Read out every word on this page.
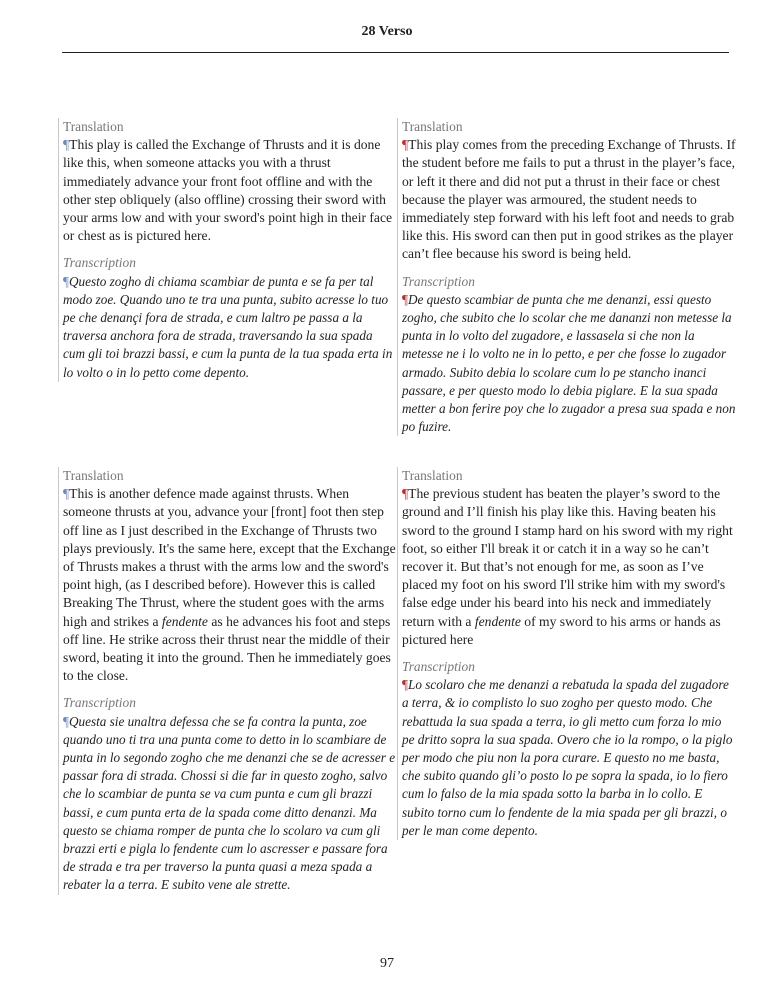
28 Verso
Translation
¶This play is called the Exchange of Thrusts and it is done like this, when someone attacks you with a thrust immediately advance your front foot offline and with the other step obliquely (also offline) crossing their sword with your arms low and with your sword's point high in their face or chest as is pictured here.
Transcription
¶Questo zogho di chiama scambiar de punta e se fa per tal modo zoe. Quando uno te tra una punta, subito acresse lo tuo pe che denançi fora de strada, e cum laltro pe passa a la traversa anchora fora de strada, traversando la sua spada cum gli toi brazzi bassi, e cum la punta de la tua spada erta in lo volto o in lo petto come depento.
Translation
¶This play comes from the preceding Exchange of Thrusts. If the student before me fails to put a thrust in the player’s face, or left it there and did not put a thrust in their face or chest because the player was armoured, the student needs to immediately step forward with his left foot and needs to grab like this. His sword can then put in good strikes as the player can’t flee because his sword is being held.
Transcription
¶De questo scambiar de punta che me denanzi, essi questo zogho, che subito che lo scolar che me dananzi non metesse la punta in lo volto del zugadore, e lassasela si che non la metesse ne i lo volto ne in lo petto, e per che fosse lo zugador armado. Subito debia lo scolare cum lo pe stancho inanci passare, e per questo modo lo debia piglare. E la sua spada metter a bon ferire poy che lo zugador a presa sua spada e non po fuzire.
Translation
¶This is another defence made against thrusts. When someone thrusts at you, advance your [front] foot then step off line as I just described in the Exchange of Thrusts two plays previously. It's the same here, except that the Exchange of Thrusts makes a thrust with the arms low and the sword's point high, (as I described before). However this is called Breaking The Thrust, where the student goes with the arms high and strikes a fendente as he advances his foot and steps off line. He strike across their thrust near the middle of their sword, beating it into the ground. Then he immediately goes to the close.
Transcription
¶Questa sie unaltra defessa che se fa contra la punta, zoe quando uno ti tra una punta come to detto in lo scambiare de punta in lo segondo zogho che me denanzi che se de acresser e passar fora di strada. Chossi si die far in questo zogho, salvo che lo scambiar de punta se va cum punta e cum gli brazzi bassi, e cum punta erta de la spada come ditto denanzi. Ma questo se chiama romper de punta che lo scolaro va cum gli brazzi erti e pigla lo fendente cum lo ascresser e passare fora de strada e tra per traverso la punta quasi a meza spada a rebater la a terra. E subito vene ale strette.
Translation
¶The previous student has beaten the player’s sword to the ground and I’ll finish his play like this. Having beaten his sword to the ground I stamp hard on his sword with my right foot, so either I'll break it or catch it in a way so he can’t recover it. But that’s not enough for me, as soon as I’ve placed my foot on his sword I'll strike him with my sword's false edge under his beard into his neck and immediately return with a fendente of my sword to his arms or hands as pictured here
Transcription
¶Lo scolaro che me denanzi a rebatuda la spada del zugadore a terra, & io complisto lo suo zogho per questo modo. Che rebattuda la sua spada a terra, io gli metto cum forza lo mio pe dritto sopra la sua spada. Overo che io la rompo, o la piglo per modo che piu non la pora curare. E questo no me basta, che subito quando gli’o posto lo pe sopra la spada, io lo fiero cum lo falso de la mia spada sotto la barba in lo collo. E subito torno cum lo fendente de la mia spada per gli brazzi, o per le man come depento.
97
